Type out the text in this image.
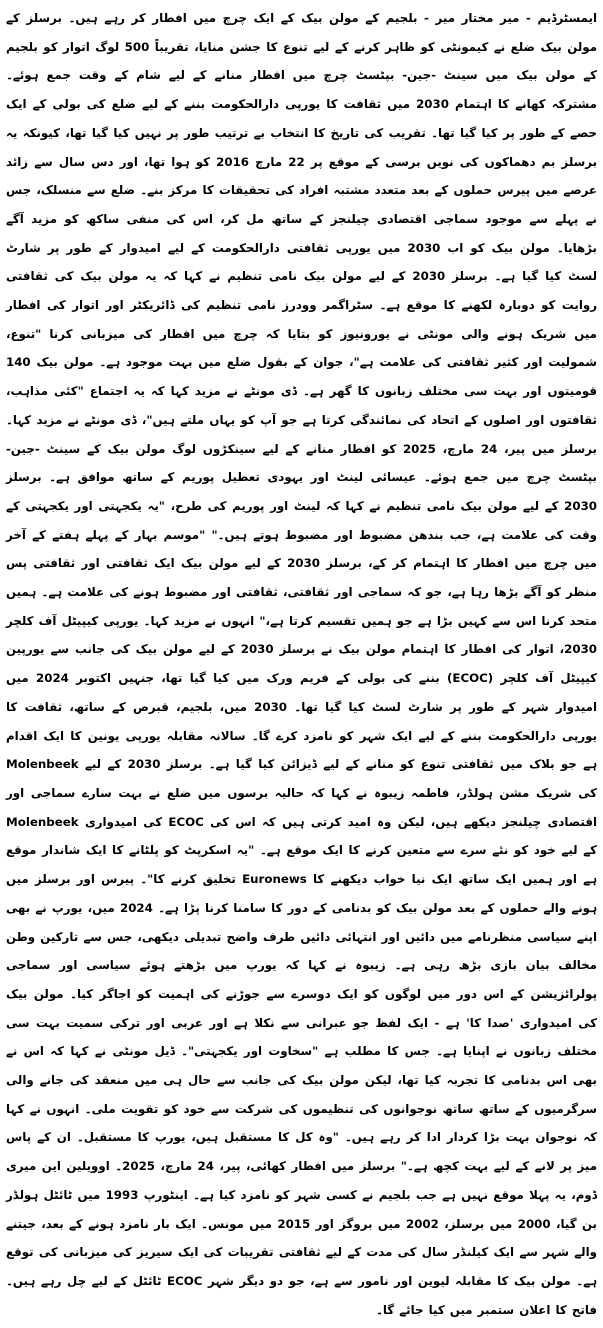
ایمسٹرڈیم - میر مختار میر - بلجیم کے مولن بیک کے ایک چرچ میں افطار کر رہے ہیں۔ برسلز کے مولن بیک ضلع نے کیمونٹی کو ظاہر کرنے کے لیے تنوع کا جشن منایا، تقریباً 500 لوگ اتوار کو بلجیم کے مولن بیک میں سینٹ -جین- بپٹسٹ چرچ میں افطار منانے کے لیے شام کے وقت جمع ہوئے۔ مشترکہ کھانے کا اہتمام 2030 میں ثقافت کا یورپی دارالحکومت بننے کے لیے ضلع کی بولی کے ایک حصے کے طور پر کیا گیا تھا۔ تقریب کی تاریخ کا انتخاب بے ترتیب طور پر نہیں کیا گیا تھا، کیونکہ یہ برسلز بم دھماکوں کی نویں برسی کے موقع پر 22 مارچ 2016 کو ہوا تھا، اور دس سال سے زائد عرصے میں پیرس حملوں کے بعد متعدد مشتبہ افراد کی تحقیقات کا مرکز بنے۔ ضلع سے منسلک، جس نے پہلے سے موجود سماجی اقتصادی چیلنجز کے ساتھ مل کر، اس کی منفی ساکھ کو مزید آگے بڑھایا۔ مولن بیک کو اب 2030 میں یورپی ثقافتی دارالحکومت کے لیے امیدوار کے طور پر شارٹ لسٹ کیا گیا ہے۔ برسلز 2030 کے لیے مولن بیک نامی تنظیم نے کہا کہ یہ مولن بیک کی ثقافتی روایت کو دوبارہ لکھنے کا موقع ہے۔ سٹراگمر وودرز نامی تنظیم کی ڈائریکٹر اور اتوار کی افطار میں شریک ہونے والی مونٹی نے یورونیوز کو بتایا کہ چرچ میں افطار کی میزبانی کرنا "تنوع، شمولیت اور کثیر ثقافتی کی علامت ہے"، جوان کے بقول ضلع میں بہت موجود ہے۔ مولن بیک 140 قومیتوں اور بہت سی مختلف زبانوں کا گھر ہے۔ ڈی مونٹے نے مزید کہا کہ یہ اجتماع "کئی مذاہب، ثقافتوں اور اصلوں کے اتحاد کی نمائندگی کرتا ہے جو آپ کو یہاں ملتے ہیں"، ڈی مونٹے نے مزید کہا۔ برسلز میں پیر، 24 مارچ، 2025 کو افطار منانے کے لیے سینکڑوں لوگ مولن بیک کے سینٹ -جین- بپٹسٹ چرچ میں جمع ہوئے۔ عیسائی لینٹ اور یہودی تعطیل پوریم کے ساتھ موافق ہے۔ برسلز 2030 کے لیے مولن بیک نامی تنظیم نے کہا کہ لینٹ اور پوریم کی طرح، "یہ یکجہتی اور یکجہتی کے وقت کی علامت ہے، جب بندھن مضبوط اور مضبوط ہوتے ہیں۔" "موسم بہار کے پہلے ہفتے کے آخر میں چرچ میں افطار کا اہتمام کر کے، برسلز 2030 کے لیے مولن بیک ایک ثقافتی اور ثقافتی پس منظر کو آگے بڑھا رہا ہے، جو کہ سماجی اور ثقافتی، ثقافتی اور مضبوط ہونے کی علامت ہے۔ ہمیں متحد کرنا اس سے کہیں بڑا ہے جو ہمیں تقسیم کرتا ہے،" انہوں نے مزید کہا۔ یورپی کیپیٹل آف کلچر 2030، اتوار کی افطار کا اہتمام مولن بیک نے برسلز 2030 کے لیے مولن بیک کی جانب سے یورپین کیپیٹل آف کلچر (ECOC) بننے کی بولی کے فریم ورک میں کیا گیا تھا، جنہیں اکتوبر 2024 میں امیدوار شہر کے طور پر شارٹ لسٹ کیا گیا تھا۔ 2030 میں، بلجیم، قبرص کے ساتھ، ثقافت کا یورپی دارالحکومت بننے کے لیے ایک شہر کو نامزد کرے گا۔ سالانہ مقابلہ یورپی یونین کا ایک اقدام ہے جو بلاک میں ثقافتی تنوع کو منانے کے لیے ڈیزائن کیا گیا ہے۔ برسلز 2030 کے لیے Molenbeek کی شریک مشن ہولڈر، فاطمہ زیبوہ نے کہا کہ حالیہ برسوں میں ضلع نے بہت سارے سماجی اور اقتصادی چیلنجز دیکھے ہیں، لیکن وہ امید کرتی ہیں کہ اس کی ECOC کی امیدواری Molenbeek کے لیے خود کو نئے سرے سے متعین کرنے کا ایک موقع ہے۔ "یہ اسکرپٹ کو پلٹانے کا ایک شاندار موقع ہے اور ہمیں ایک ساتھ ایک نیا خواب دیکھنے کا Euronews تخلیق کرنے کا"۔ پیرس اور برسلز میں ہونے والے حملوں کے بعد مولن بیک کو بدنامی کے دور کا سامنا کرنا پڑا ہے۔ 2024 میں، یورپ نے بھی اپنے سیاسی منظرنامے میں دائیں اور انتہائی دائیں طرف واضح تبدیلی دیکھی، جس سے تارکین وطن مخالف بیان بازی بڑھ رہی ہے۔ زیبوہ نے کہا کہ یورپ میں بڑھتے ہوئے سیاسی اور سماجی پولرائزیشن کے اس دور میں لوگوں کو ایک دوسرے سے جوڑنے کی اہمیت کو اجاگر کیا۔ مولن بیک کی امیدواری 'صدا کا' ہے - ایک لفظ جو عبرانی سے نکلا ہے اور عربی اور ترکی سمیت بہت سی مختلف زبانوں نے اپنایا ہے۔ جس کا مطلب ہے "سخاوت اور یکجہتی"۔ ڈیل مونٹی نے کہا کہ اس نے بھی اس بدنامی کا تجربہ کیا تھا، لیکن مولن بیک کی جانب سے حال ہی میں منعقد کی جانے والی سرگرمیوں کے ساتھ ساتھ نوجوانوں کی تنظیموں کی شرکت سے خود کو تقویت ملی۔ انہوں نے کہا کہ نوجوان بہت بڑا کردار ادا کر رہے ہیں۔ "وہ کل کا مستقبل ہیں، یورپ کا مستقبل۔ ان کے پاس میز پر لانے کے لیے بہت کچھ ہے۔" برسلز میں افطار کھائی، پیر، 24 مارچ، 2025۔ اوویلین این میری ڈوم، یہ پہلا موقع نہیں ہے جب بلجیم نے کسی شہر کو نامزد کیا ہے۔ اینٹورپ 1993 میں ٹائٹل ہولڈر بن گیا، 2000 میں برسلز، 2002 میں بروگز اور 2015 میں مونس۔ ایک بار نامزد ہونے کے بعد، جیتنے والے شہر سے ایک کیلنڈر سال کی مدت کے لیے ثقافتی تقریبات کی ایک سیریز کی میزبانی کی توقع ہے۔ مولن بیک کا مقابلہ لیوین اور نامور سے ہے، جو دو دیگر شہر ECOC ٹائٹل کے لیے چل رہے ہیں۔ فاتح کا اعلان ستمبر میں کیا جائے گا۔
